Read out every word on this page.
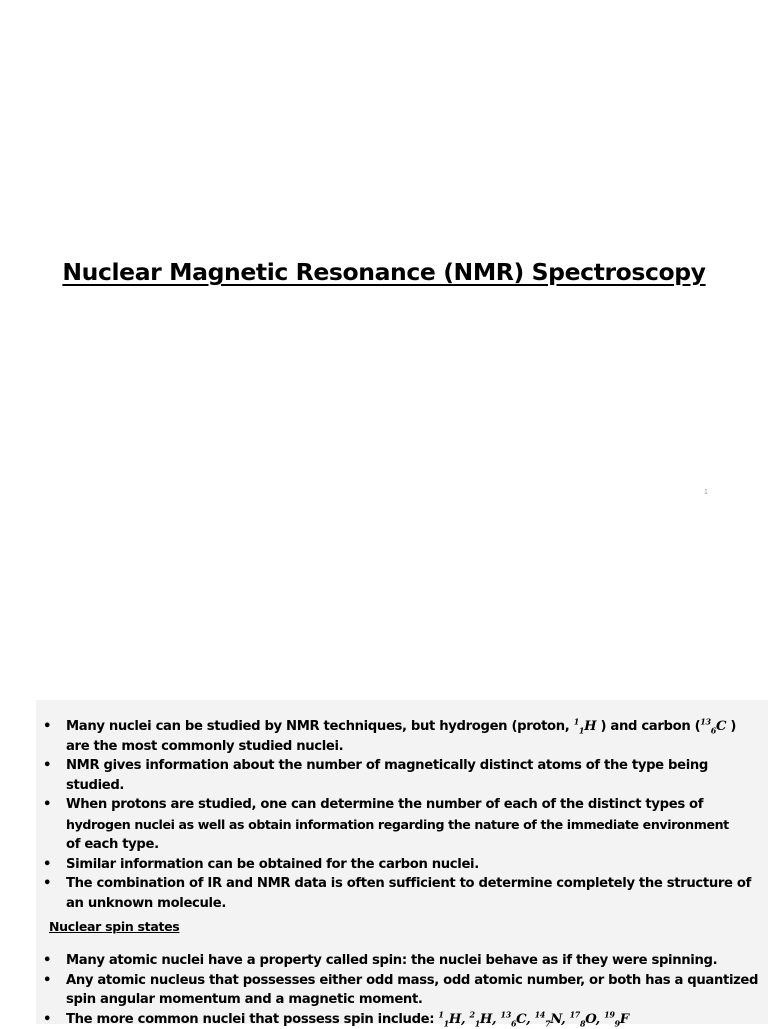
Nuclear Magnetic Resonance (NMR) Spectroscopy
1
• Many nuclei can be studied by NMR techniques, but hydrogen (proton, $^1_1$H ) and carbon ($^{13}_6$C ) are the most commonly studied nuclei.
• NMR gives information about the number of magnetically distinct atoms of the type being studied.
• When protons are studied, one can determine the number of each of the distinct types of
hydrogen nuclei as well as obtain information regarding the nature of the immediate environment
of each type.
• Similar information can be obtained for the carbon nuclei.
• The combination of IR and NMR data is often sufficient to determine completely the structure of an unknown molecule.
Nuclear spin states
• Many atomic nuclei have a property called spin: the nuclei behave as if they were spinning.
• Any atomic nucleus that possesses either odd mass, odd atomic number, or both has a quantized spin angular momentum and a magnetic moment.
• The more common nuclei that possess spin include: $^1_1$H, $^2_1$H, $^{13}_6$C, $^{14}_7$N, $^{17}_8$O, $^{19}_9$F
